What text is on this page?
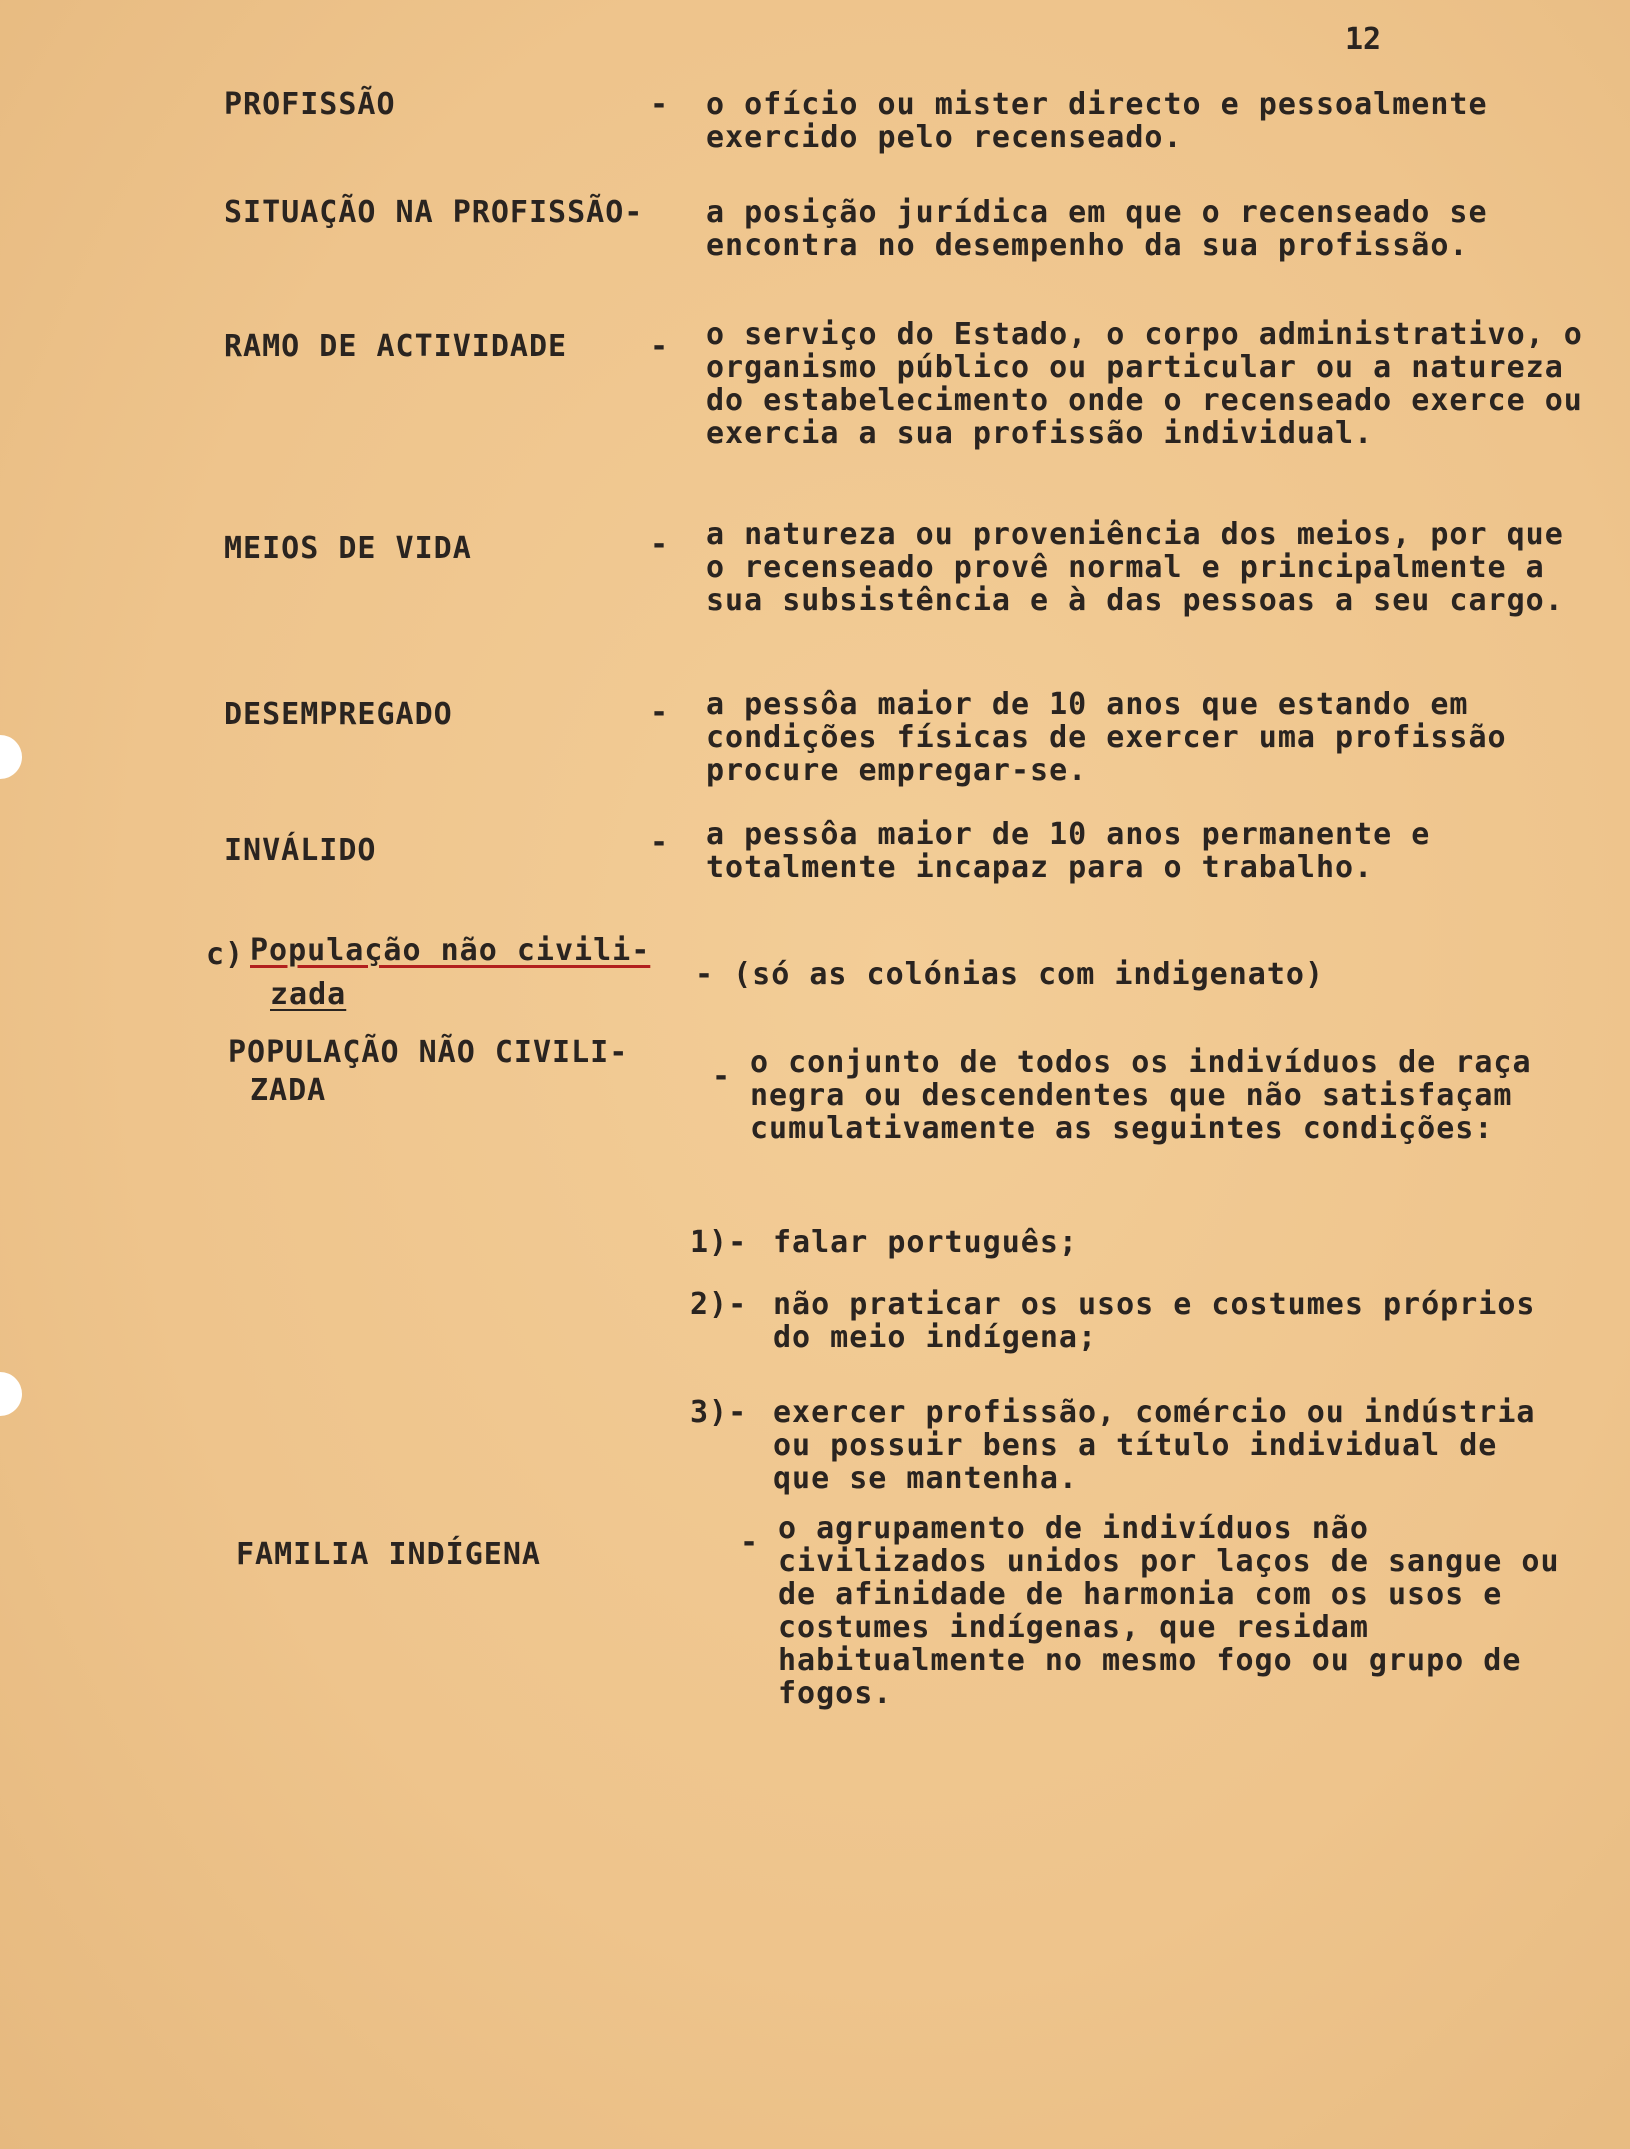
12
PROFISSÃO	- o ofício ou mister directo e pessoalmente exercido pelo recenseado.
SITUAÇÃO NA PROFISSÃO- a posição jurídica em que o recenseado se encontra no desempenho da sua profissão.
RAMO DE ACTIVIDADE	- o serviço do Estado, o corpo administrativo, o organismo público ou particular ou a natureza do estabelecimento onde o recenseado exerce ou exercia a sua profissão individual.
MEIOS DE VIDA	- a natureza ou proveniência dos meios, por que o recenseado provê normal e principalmente a sua subsistência e à das pessoas a seu cargo.
DESEMPREGADO	- a pessôa maior de 10 anos que estando em condições físicas de exercer uma profissão procure empregar-se.
INVÁLIDO	- a pessôa maior de 10 anos permanente e totalmente incapaz para o trabalho.
c) População não civili-
zada
- (só as colónias com indigenato)
POPULAÇÃO NÃO CIVILI-
ZADA	- o conjunto de todos os indivíduos de raça negra ou descendentes que não satisfaçam cumulativamente as seguintes condições:
1)- falar português;
2)- não praticar os usos e costumes próprios do meio indígena;
3)- exercer profissão, comércio ou indústria ou possuir bens a título individual de que se mantenha.
FAMILIA INDÍGENA	- o agrupamento de indivíduos não civilizados unidos por laços de sangue ou de afinidade de harmonia com os usos e costumes indígenas, que residam habitualmente no mesmo fogo ou grupo de fogos.
